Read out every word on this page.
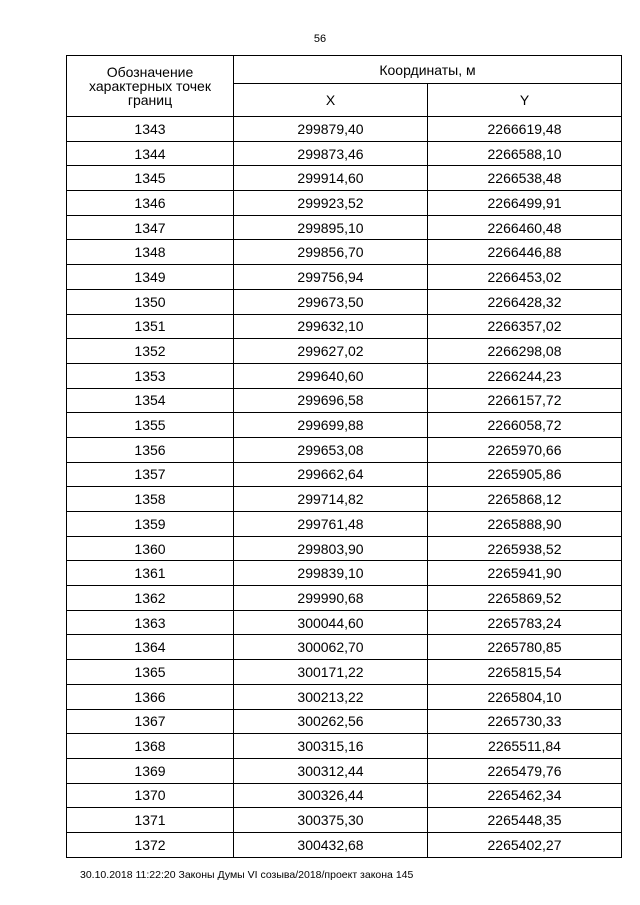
56
Обозначение характерных точек границ	Координаты, м	
	X	Y
1343	299879,40	2266619,48
1344	299873,46	2266588,10
1345	299914,60	2266538,48
1346	299923,52	2266499,91
1347	299895,10	2266460,48
1348	299856,70	2266446,88
1349	299756,94	2266453,02
1350	299673,50	2266428,32
1351	299632,10	2266357,02
1352	299627,02	2266298,08
1353	299640,60	2266244,23
1354	299696,58	2266157,72
1355	299699,88	2266058,72
1356	299653,08	2265970,66
1357	299662,64	2265905,86
1358	299714,82	2265868,12
1359	299761,48	2265888,90
1360	299803,90	2265938,52
1361	299839,10	2265941,90
1362	299990,68	2265869,52
1363	300044,60	2265783,24
1364	300062,70	2265780,85
1365	300171,22	2265815,54
1366	300213,22	2265804,10
1367	300262,56	2265730,33
1368	300315,16	2265511,84
1369	300312,44	2265479,76
1370	300326,44	2265462,34
1371	300375,30	2265448,35
1372	300432,68	2265402,27
30.10.2018 11:22:20 Законы Думы VI созыва/2018/проект закона 145
